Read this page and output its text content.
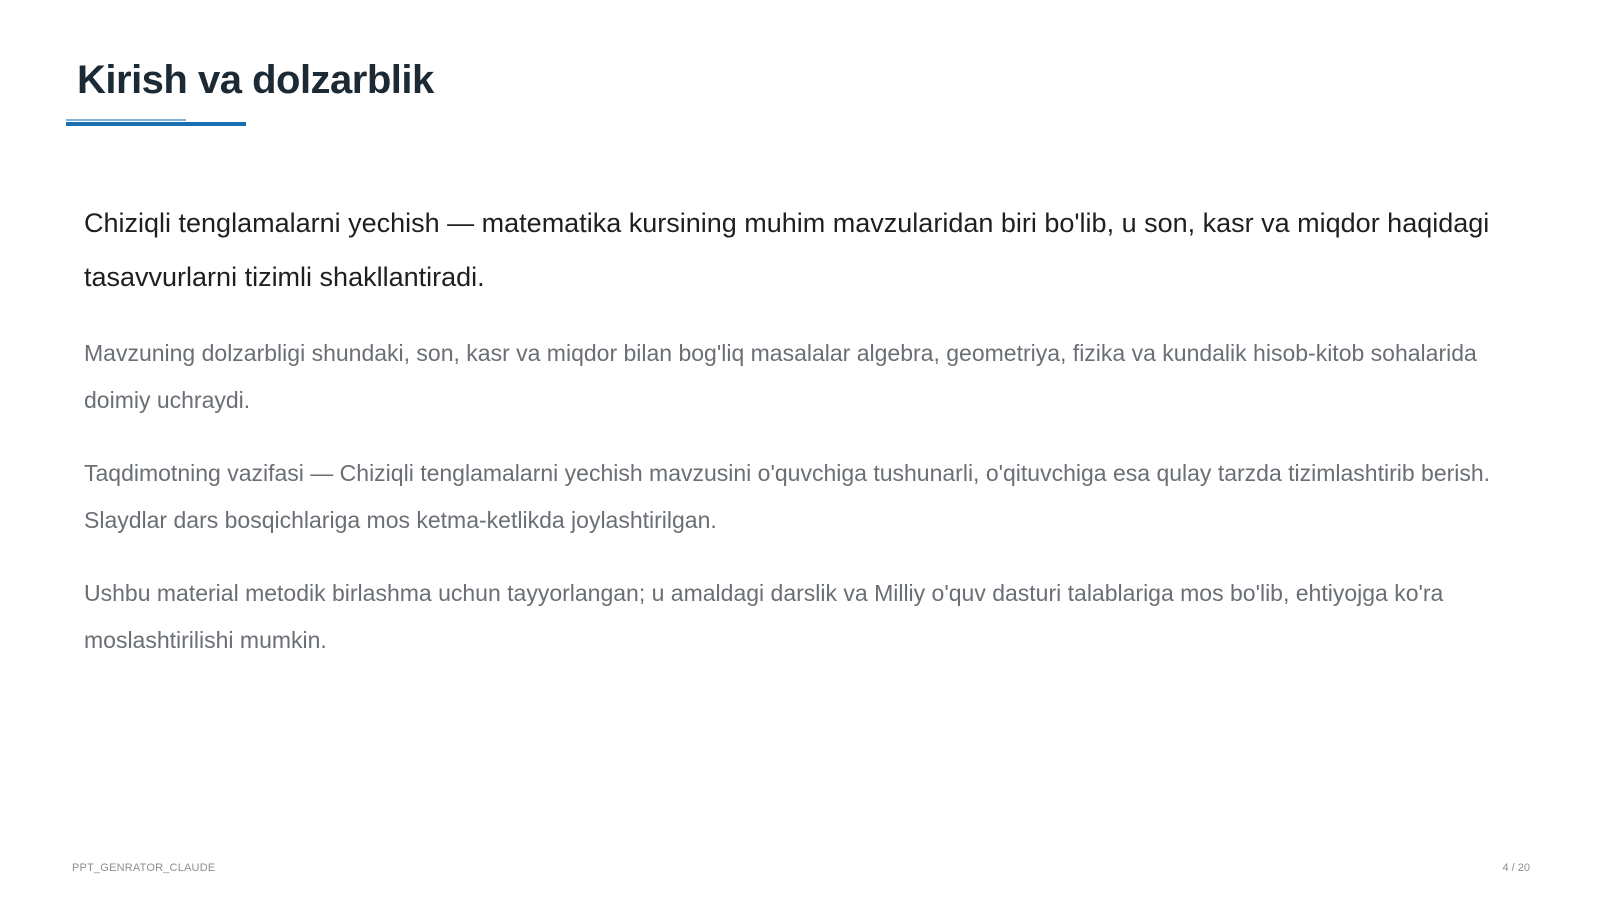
Kirish va dolzarblik

Chiziqli tenglamalarni yechish — matematika kursining muhim mavzularidan biri bo'lib, u son, kasr va miqdor haqidagi tasavvurlarni tizimli shakllantiradi.

Mavzuning dolzarbligi shundaki, son, kasr va miqdor bilan bog'liq masalalar algebra, geometriya, fizika va kundalik hisob-kitob sohalarida doimiy uchraydi.

Taqdimotning vazifasi — Chiziqli tenglamalarni yechish mavzusini o'quvchiga tushunarli, o'qituvchiga esa qulay tarzda tizimlashtirib berish. Slaydlar dars bosqichlariga mos ketma-ketlikda joylashtirilgan.

Ushbu material metodik birlashma uchun tayyorlangan; u amaldagi darslik va Milliy o'quv dasturi talablariga mos bo'lib, ehtiyojga ko'ra moslashtirilishi mumkin.

PPT_GENRATOR_CLAUDE	4 / 20
